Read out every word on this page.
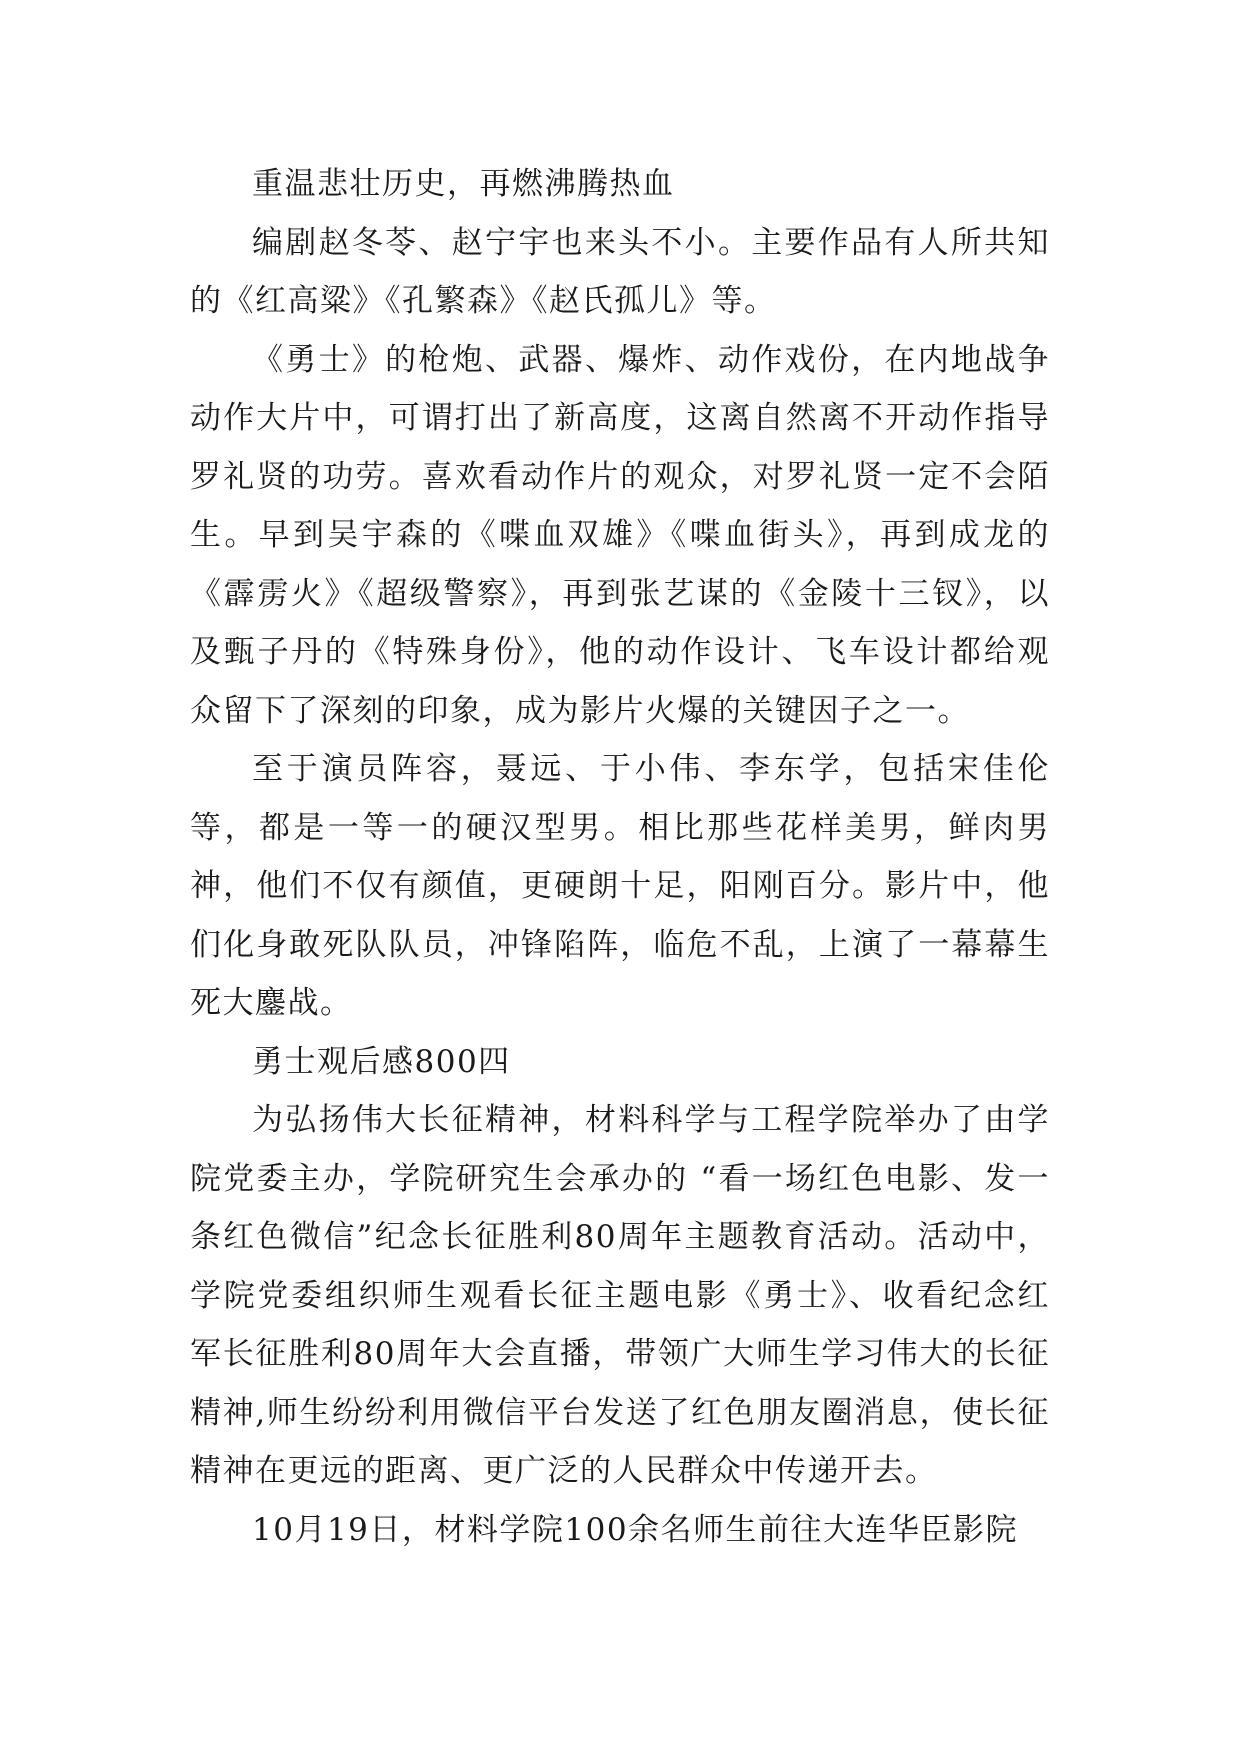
重温悲壮历史，再燃沸腾热血

编剧赵冬苓、赵宁宇也来头不小。主要作品有人所共知的《红高粱》《孔繁森》《赵氏孤儿》等。

《勇士》的枪炮、武器、爆炸、动作戏份，在内地战争动作大片中，可谓打出了新高度，这离自然离不开动作指导罗礼贤的功劳。喜欢看动作片的观众，对罗礼贤一定不会陌生。早到吴宇森的《喋血双雄》《喋血街头》，再到成龙的《霹雳火》《超级警察》，再到张艺谋的《金陵十三钗》，以及甄子丹的《特殊身份》，他的动作设计、飞车设计都给观众留下了深刻的印象，成为影片火爆的关键因子之一。

至于演员阵容，聂远、于小伟、李东学，包括宋佳伦等，都是一等一的硬汉型男。相比那些花样美男，鲜肉男神，他们不仅有颜值，更硬朗十足，阳刚百分。影片中，他们化身敢死队队员，冲锋陷阵，临危不乱，上演了一幕幕生死大鏖战。

勇士观后感800四

为弘扬伟大长征精神，材料科学与工程学院举办了由学院党委主办，学院研究生会承办的 “看一场红色电影、发一条红色微信”纪念长征胜利80周年主题教育活动。活动中，学院党委组织师生观看长征主题电影《勇士》、收看纪念红军长征胜利80周年大会直播，带领广大师生学习伟大的长征精神,师生纷纷利用微信平台发送了红色朋友圈消息，使长征精神在更远的距离、更广泛的人民群众中传递开去。

10月19日，材料学院100余名师生前往大连华臣影院
